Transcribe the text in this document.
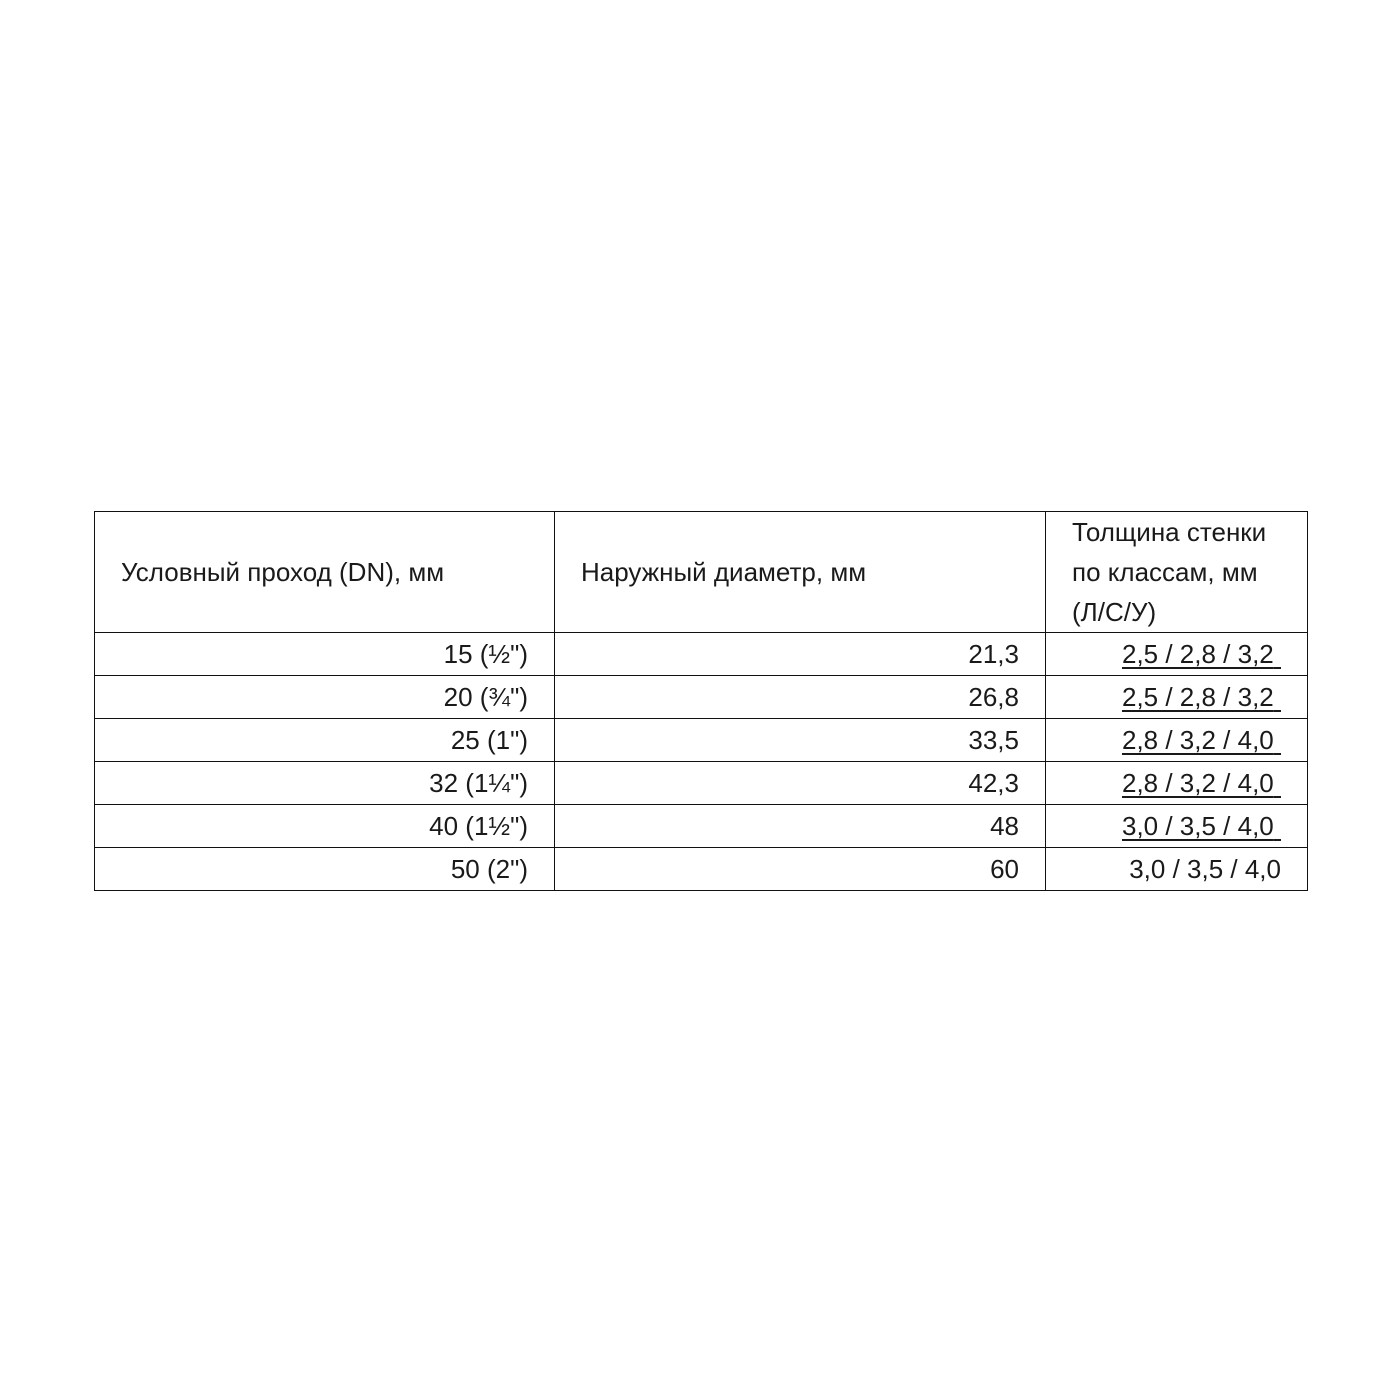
Условный проход (DN), мм	Наружный диаметр, мм	Толщина стенки
по классам, мм
(Л/С/У)

15 (½")	21,3	2,5 / 2,8 / 3,2
20 (¾")	26,8	2,5 / 2,8 / 3,2
25 (1")	33,5	2,8 / 3,2 / 4,0
32 (1¼")	42,3	2,8 / 3,2 / 4,0
40 (1½")	48	3,0 / 3,5 / 4,0
50 (2")	60	3,0 / 3,5 / 4,0
